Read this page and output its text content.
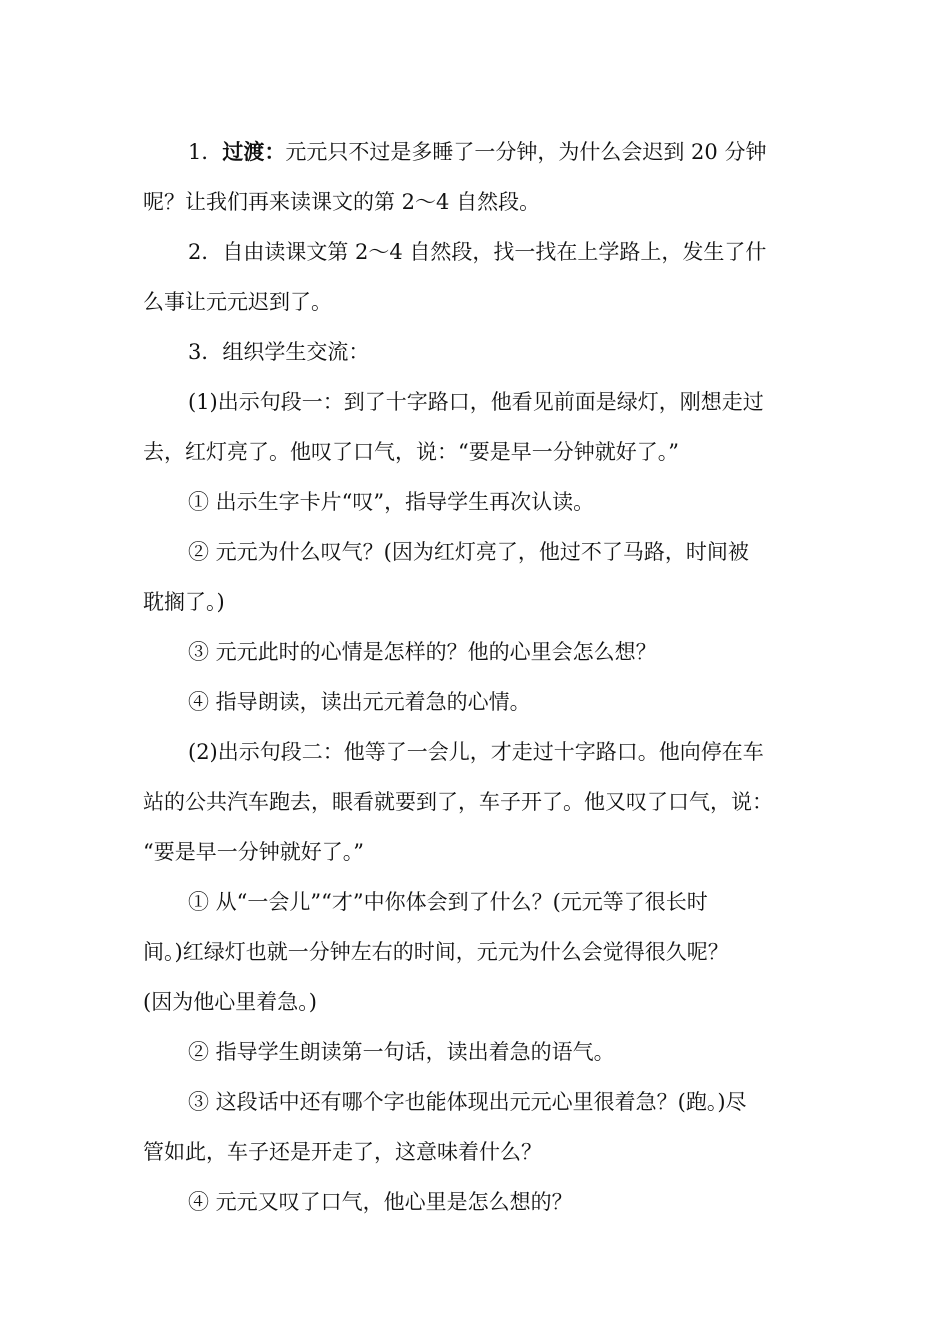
1．过渡：元元只不过是多睡了一分钟，为什么会迟到 20 分钟
呢？让我们再来读课文的第 2～4 自然段。
2．自由读课文第 2～4 自然段，找一找在上学路上，发生了什
么事让元元迟到了。
3．组织学生交流：
(1)出示句段一：到了十字路口，他看见前面是绿灯，刚想走过
去，红灯亮了。他叹了口气，说：“要是早一分钟就好了。”
① 出示生字卡片“叹”，指导学生再次认读。
② 元元为什么叹气？(因为红灯亮了，他过不了马路，时间被
耽搁了。)
③ 元元此时的心情是怎样的？他的心里会怎么想？
④ 指导朗读，读出元元着急的心情。
(2)出示句段二：他等了一会儿，才走过十字路口。他向停在车
站的公共汽车跑去，眼看就要到了，车子开了。他又叹了口气，说：
“要是早一分钟就好了。”
① 从“一会儿”“才”中你体会到了什么？(元元等了很长时
间。)红绿灯也就一分钟左右的时间，元元为什么会觉得很久呢？
(因为他心里着急。)
② 指导学生朗读第一句话，读出着急的语气。
③ 这段话中还有哪个字也能体现出元元心里很着急？(跑。)尽
管如此，车子还是开走了，这意味着什么？
④ 元元又叹了口气，他心里是怎么想的？
